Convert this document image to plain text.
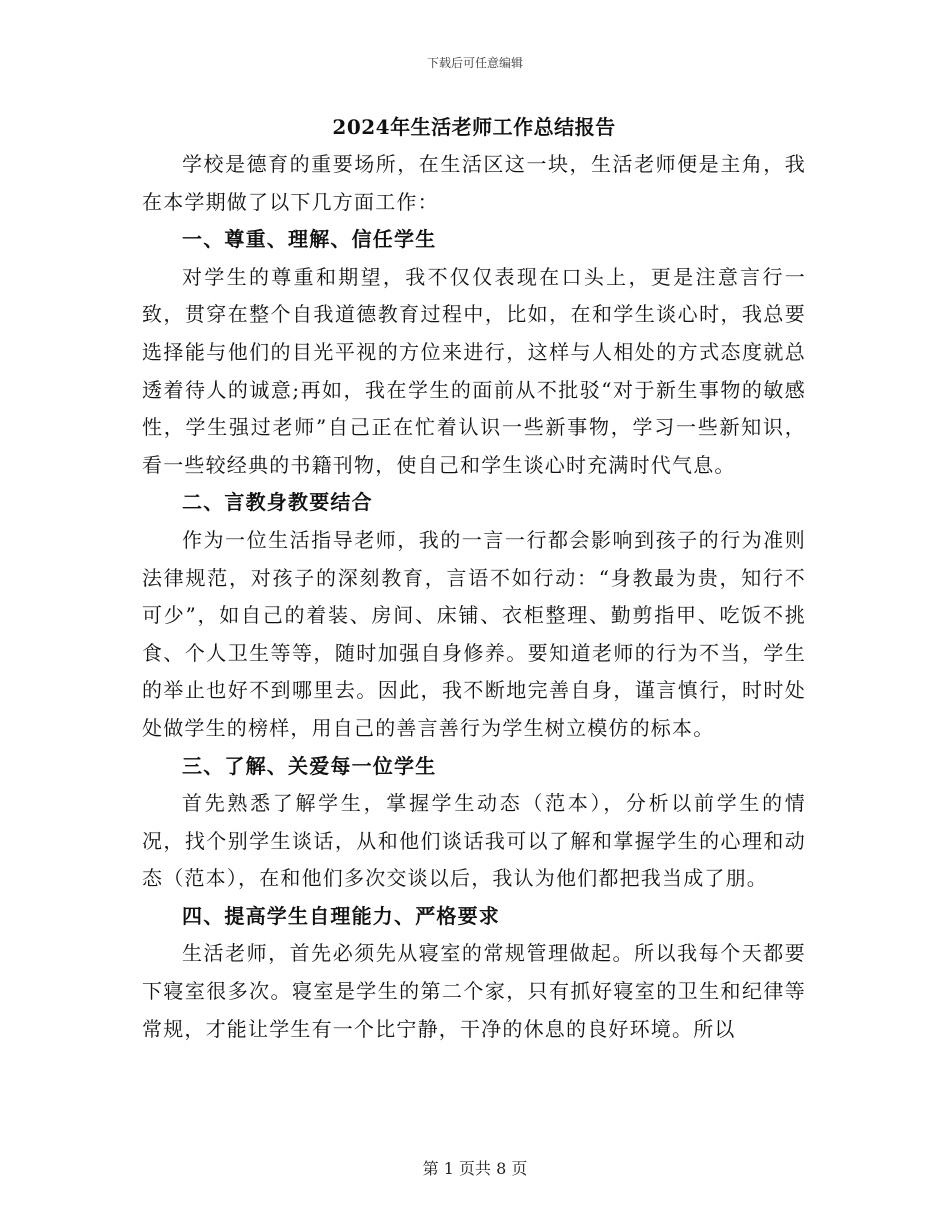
下载后可任意编辑

2024年生活老师工作总结报告

学校是德育的重要场所，在生活区这一块，生活老师便是主角，我在本学期做了以下几方面工作：

一、尊重、理解、信任学生

对学生的尊重和期望，我不仅仅表现在口头上，更是注意言行一致，贯穿在整个自我道德教育过程中，比如，在和学生谈心时，我总要选择能与他们的目光平视的方位来进行，这样与人相处的方式态度就总透着待人的诚意;再如，我在学生的面前从不批驳“对于新生事物的敏感性，学生强过老师”自己正在忙着认识一些新事物，学习一些新知识，看一些较经典的书籍刊物，使自己和学生谈心时充满时代气息。

二、言教身教要结合

作为一位生活指导老师，我的一言一行都会影响到孩子的行为准则法律规范，对孩子的深刻教育，言语不如行动：“身教最为贵，知行不可少”，如自己的着装、房间、床铺、衣柜整理、勤剪指甲、吃饭不挑食、个人卫生等等，随时加强自身修养。要知道老师的行为不当，学生的举止也好不到哪里去。因此，我不断地完善自身，谨言慎行，时时处处做学生的榜样，用自己的善言善行为学生树立模仿的标本。

三、了解、关爱每一位学生

首先熟悉了解学生，掌握学生动态（范本），分析以前学生的情况，找个别学生谈话，从和他们谈话我可以了解和掌握学生的心理和动态（范本），在和他们多次交谈以后，我认为他们都把我当成了朋。

四、提高学生自理能力、严格要求

生活老师，首先必须先从寝室的常规管理做起。所以我每个天都要下寝室很多次。寝室是学生的第二个家，只有抓好寝室的卫生和纪律等常规，才能让学生有一个比宁静，干净的休息的良好环境。所以

第 1 页共 8 页
